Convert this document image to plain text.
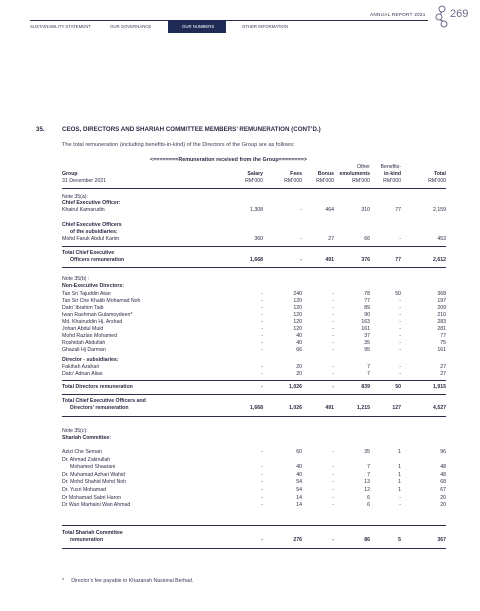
ANNUAL REPORT 2021
SUSTAINABILITY STATEMENT	OUR GOVERNANCE	OUR NUMBERS	OTHER INFORMATION
269
35.	CEOS, DIRECTORS AND SHARIAH COMMITTEE MEMBERS’ REMUNERATION (CONT’D.)
The total remuneration (including benefits-in-kind) of the Directors of the Group are as follows:
<========Remuneration received from the Group========>
Other	Benefits-
Group	Salary	Fees	Bonus	emoluments	in-kind	Total
31 December 2021	RM’000	RM’000	RM’000	RM’000	RM’000	RM’000
Note 35(a):
Chief Executive Officer:
Khairul Kamarudin	1,308	-	464	310	77	2,159
Chief Executive Officers
of the subsidiaries:
Mohd Faruk Abdul Karim	360	-	27	66	-	453
Total Chief Executive
Officers remuneration	1,668	-	491	376	77	2,612
Note 35(b) :
Non-Executive Directors:
Tan Sri Tajuddin Atan	-	240	-	78	50	368
Tan Sri Che Khalib Mohamad Noh	-	120	-	77	-	197
Dato’ Ibrahim Taib	-	120	-	89	-	209
Iwan Rashman Gulamoydeen*	-	120	-	90	-	210
Md. Khairuddin Hj. Arshad	-	120	-	163	-	283
Johari Abdul Muid	-	120	-	161	-	281
Mohd Razlan Mohamed	-	40	-	37	-	77
Roshidah Abdullah	-	40	-	35	-	75
Ghazali Hj Darman	-	66	-	95	-	161
Director - subsidiaries:
Fakihah Azahari	-	20	-	7	-	27
Dato’ Adnan Alias	-	20	-	7	-	27
Total Directors remuneration	-	1,026	-	839	50	1,915
Total Chief Executive Officers and
Directors’ remuneration	1,668	1,026	491	1,215	127	4,527
Note 35(c):
Shariah Committee:
Azizi Che Seman	-	60	-	35	1	96
Dr. Ahmad Zakirullah
Mohamed Shaarani	-	40	-	7	1	48
Dr. Muhamad Azhari Wahid	-	40	-	7	1	48
Dr. Mohd Shahid Mohd Noh	-	54	-	13	1	68
Dr. Yusri Mohamad	-	54	-	12	1	67
Dr Mohamad Sabri Haron	-	14	-	6	-	20
Dr Wan Marhaini Wan Ahmad	-	14	-	6	-	20
Total Shariah Committee
remuneration	-	276	-	86	5	367
* Director’s fee payable to Khazanah Nasional Berhad.
